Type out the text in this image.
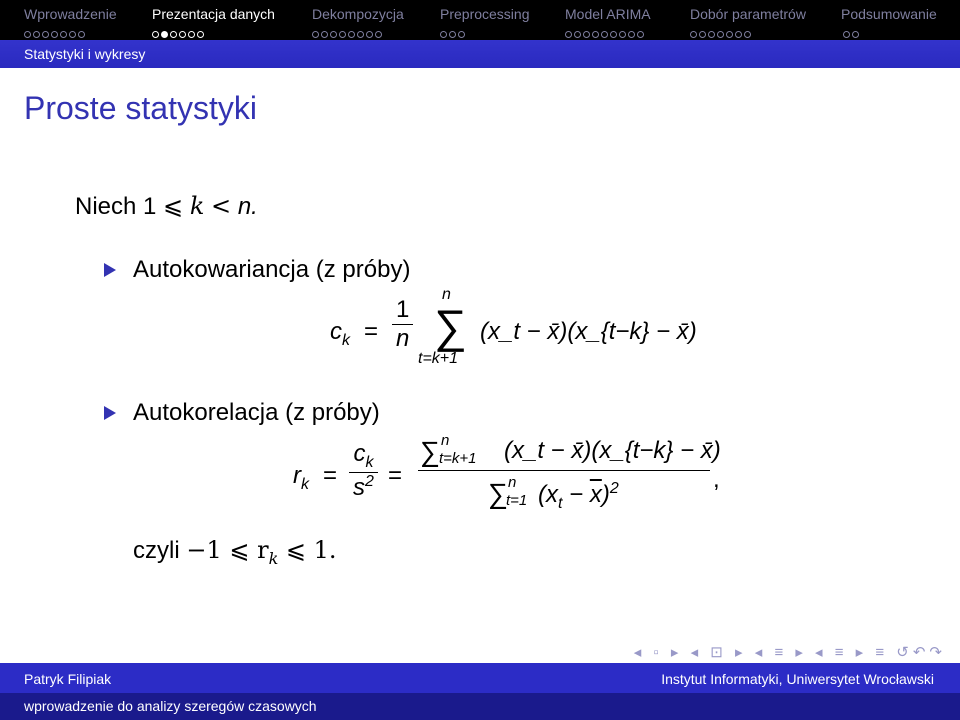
Wprowadzenie	Prezentacja danych	Dekompozycja	Preprocessing	Model ARIMA	Dobór parametrów	Podsumowanie
Statystyki i wykresy
Proste statystyki
Niech 1 ⩽ k < n.
Autokowariancja (z próby)
$c_k = \frac{1}{n}$
n
∑
t=k+1
(x_t − x̄)(x_{t−k} − x̄)
Autokorelacja (z próby)
$r_k = \frac{c_k}{s^2}$ =
∑ n
t=k+1 (x_t − x̄)(x_{t−k} − x̄)
∑ n
t=1 $(x_t - \overline{x})^2$	,
czyli −1 ⩽ $r_k$ ⩽ 1.
◂ ▫ ▸ ◂ ⊡ ▸ ◂ ≡ ▸ ◂ ≡ ▸ ≡ ↺↶↷
Patryk Filipiak	Instytut Informatyki, Uniwersytet Wrocławski
wprowadzenie do analizy szeregów czasowych
